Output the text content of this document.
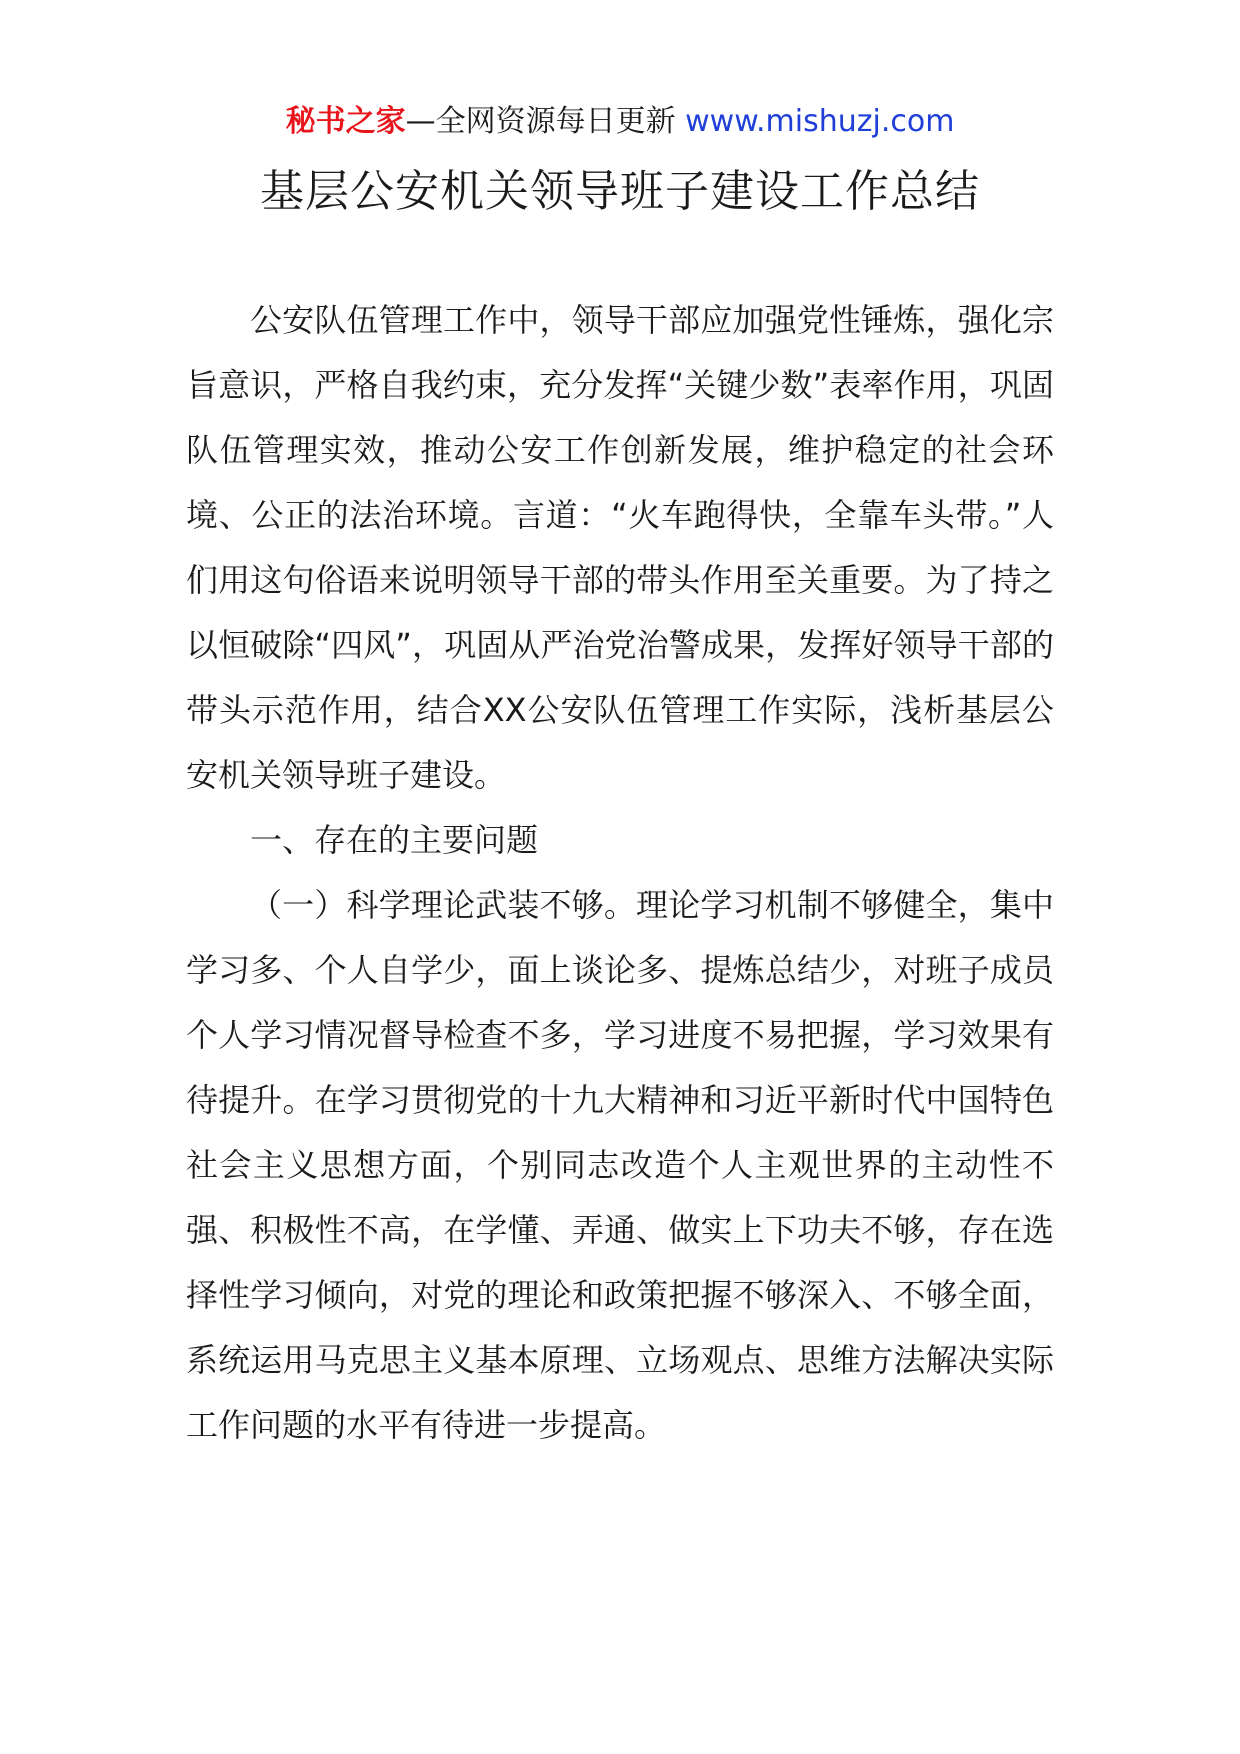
秘书之家—全网资源每日更新 www.mishuzj.com
基层公安机关领导班子建设工作总结

公安队伍管理工作中，领导干部应加强党性锤炼，强化宗旨意识，严格自我约束，充分发挥“关键少数”表率作用，巩固队伍管理实效，推动公安工作创新发展，维护稳定的社会环境、公正的法治环境。言道：“火车跑得快，全靠车头带。”人们用这句俗语来说明领导干部的带头作用至关重要。为了持之以恒破除“四风”，巩固从严治党治警成果，发挥好领导干部的带头示范作用，结合XX公安队伍管理工作实际，浅析基层公安机关领导班子建设。

一、存在的主要问题

（一）科学理论武装不够。理论学习机制不够健全，集中学习多、个人自学少，面上谈论多、提炼总结少，对班子成员个人学习情况督导检查不多，学习进度不易把握，学习效果有待提升。在学习贯彻党的十九大精神和习近平新时代中国特色社会主义思想方面，个别同志改造个人主观世界的主动性不强、积极性不高，在学懂、弄通、做实上下功夫不够，存在选择性学习倾向，对党的理论和政策把握不够深入、不够全面，系统运用马克思主义基本原理、立场观点、思维方法解决实际工作问题的水平有待进一步提高。
